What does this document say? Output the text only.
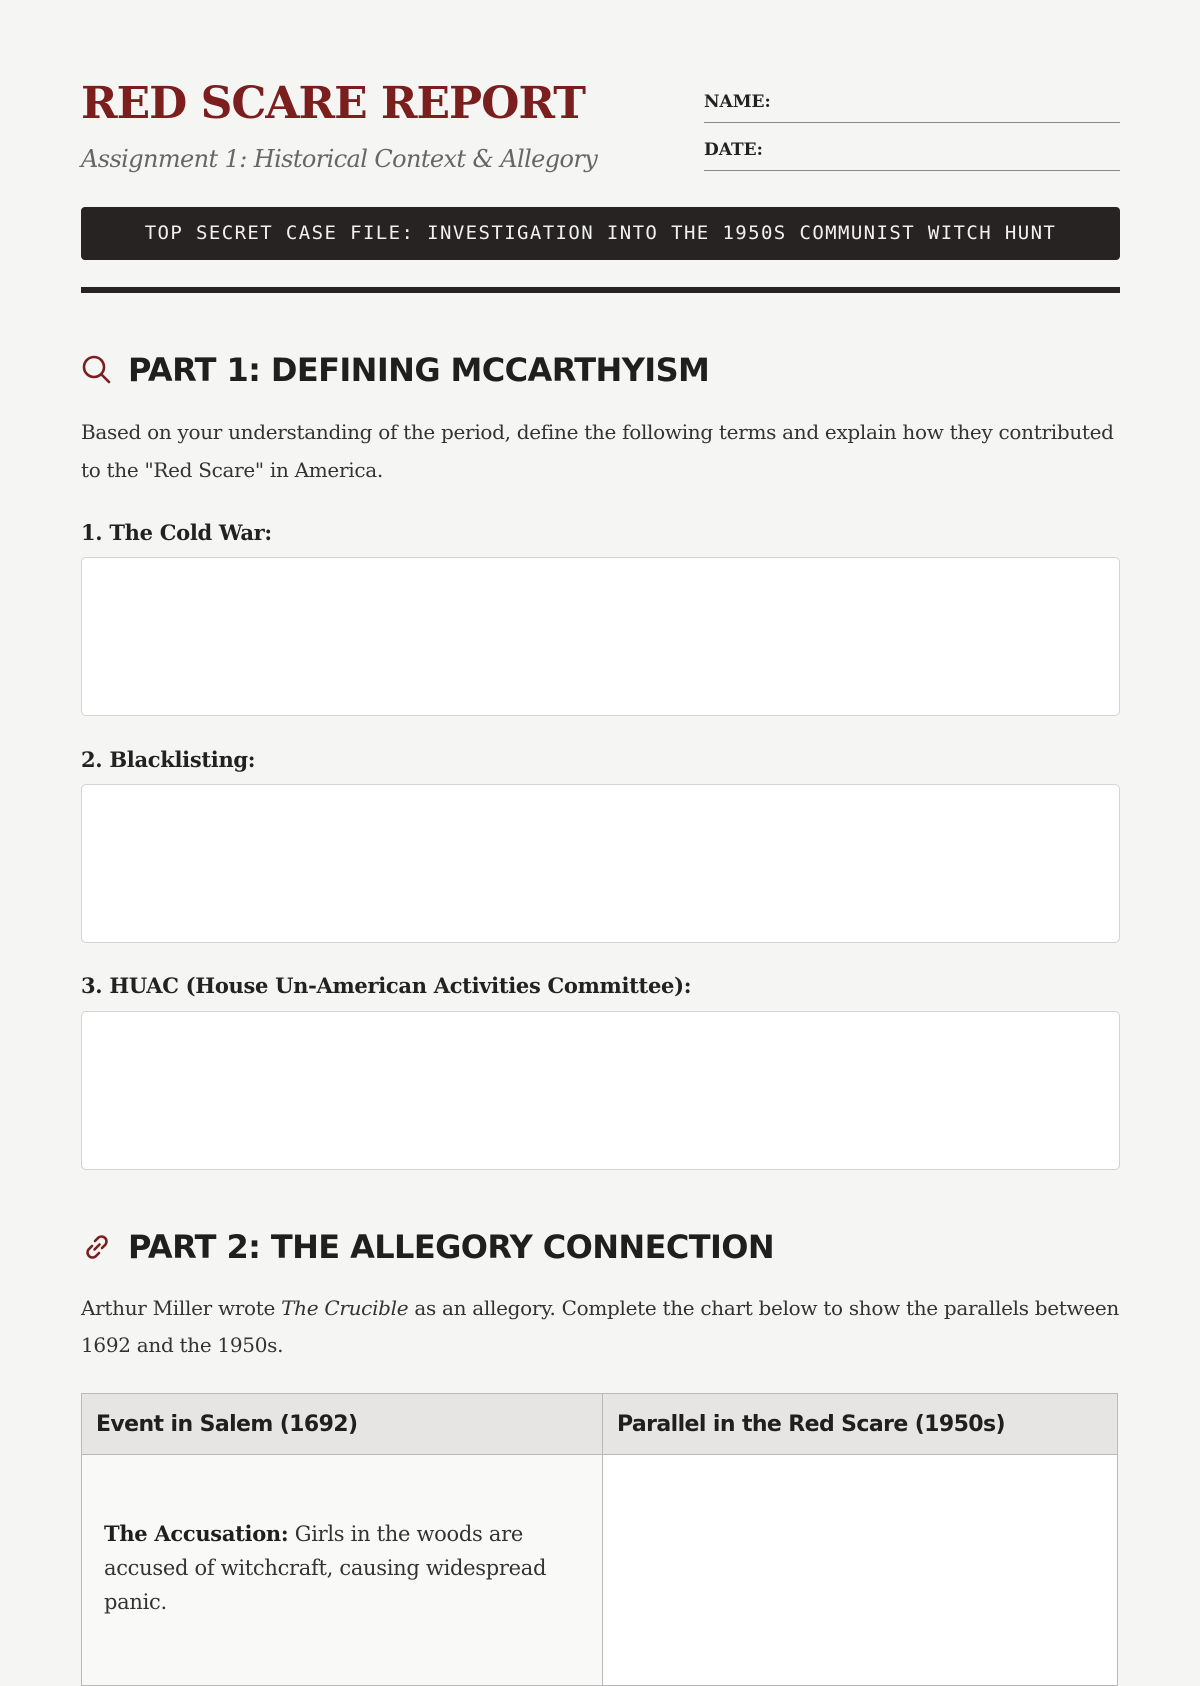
RED SCARE REPORT

Assignment 1: Historical Context & Allegory

NAME:
DATE:
TOP SECRET CASE FILE: INVESTIGATION INTO THE 1950S COMMUNIST WITCH HUNT
PART 1: DEFINING MCCARTHYISM

Based on your understanding of the period, define the following terms and explain how they contributed to the "Red Scare" in America.

1. The Cold War:
2. Blacklisting:
3. HUAC (House Un-American Activities Committee):
PART 2: THE ALLEGORY CONNECTION

Arthur Miller wrote The Crucible as an allegory. Complete the chart below to show the parallels between 1692 and the 1950s.

Event in Salem (1692)	Parallel in the Red Scare (1950s)

The Accusation: Girls in the woods are accused of witchcraft, causing widespread panic.	
